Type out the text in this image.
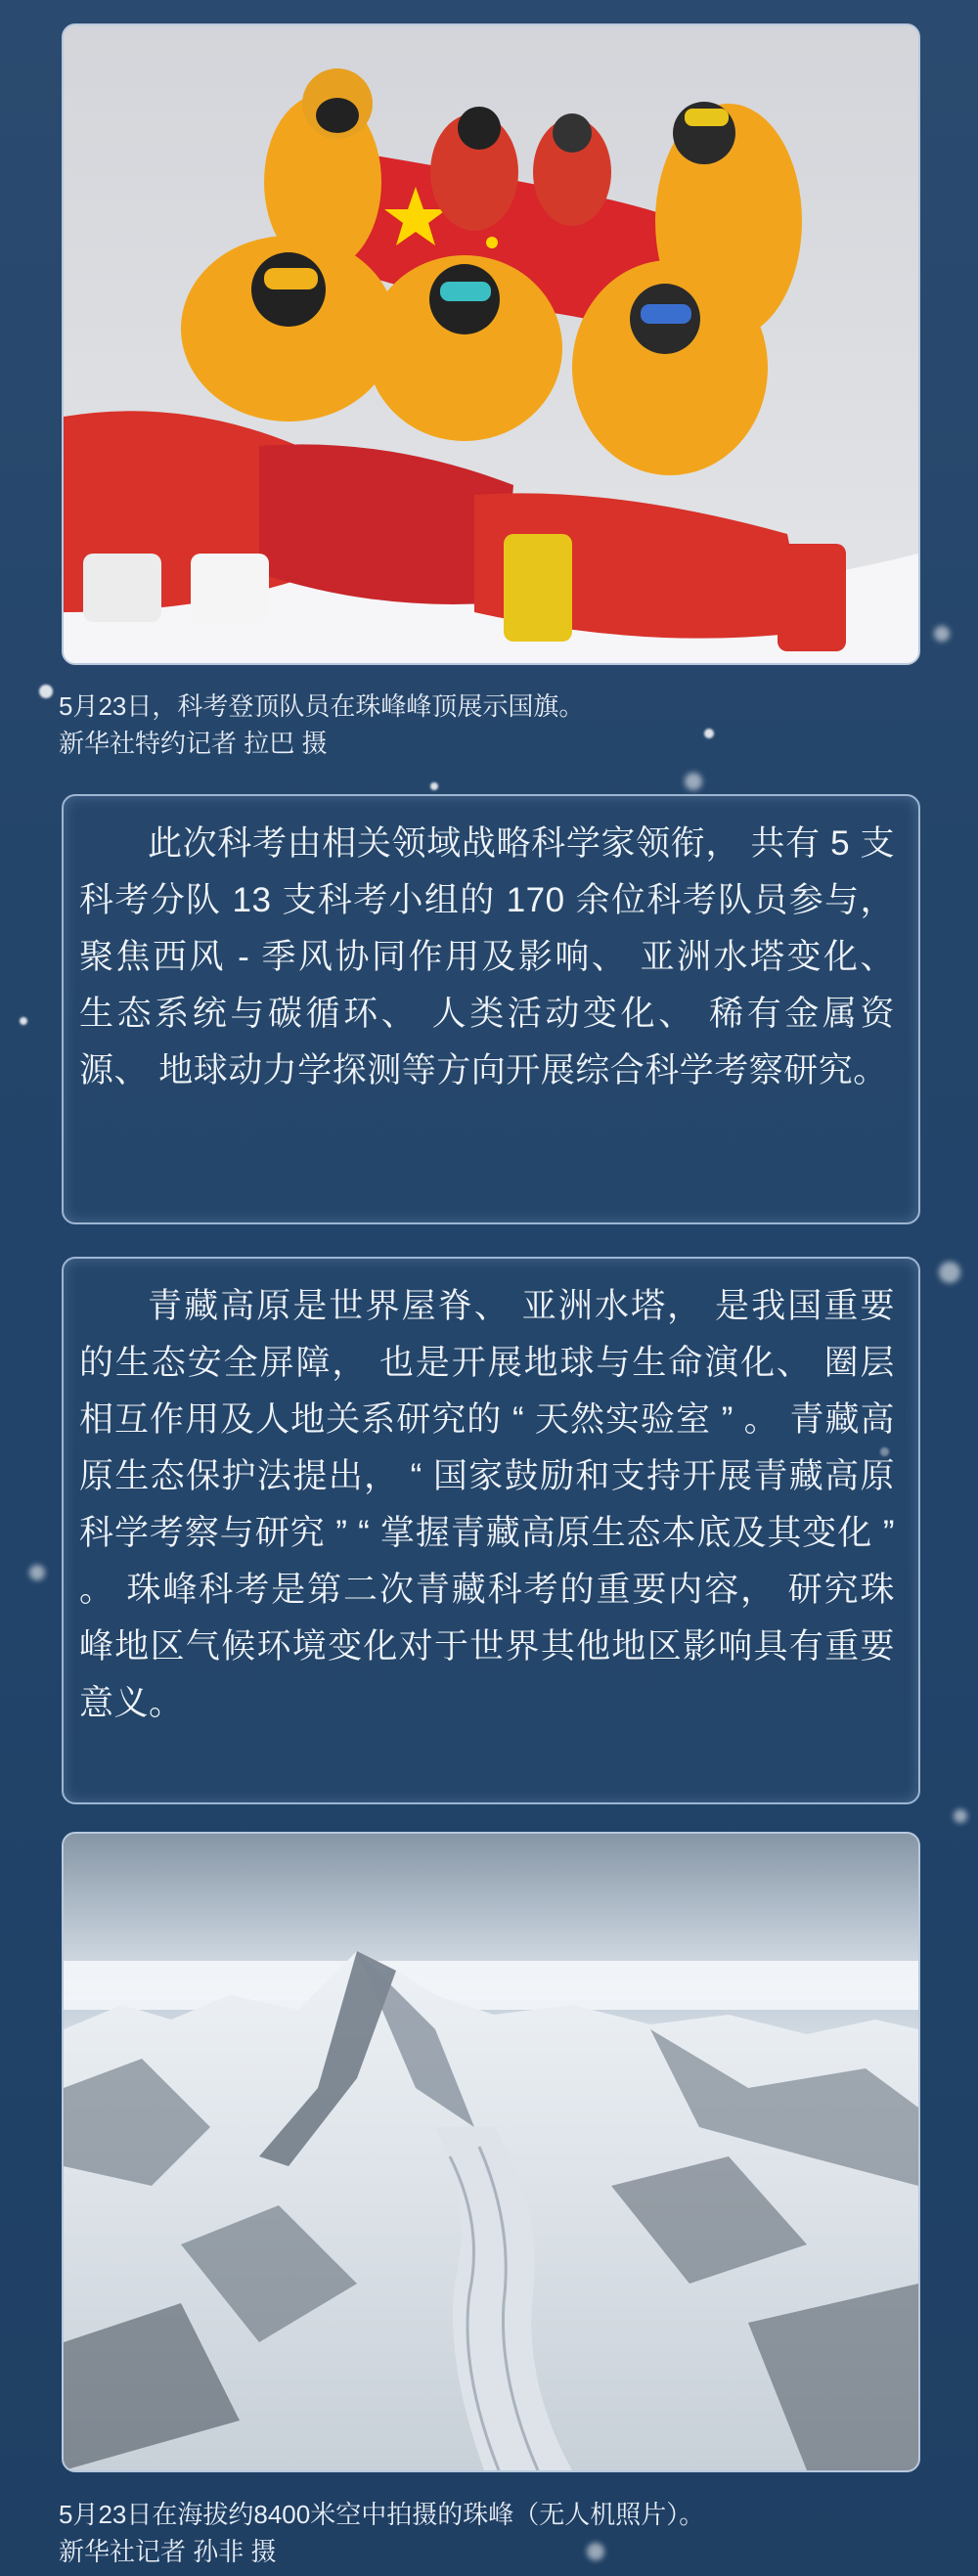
5月23日，科考登顶队员在珠峰峰顶展示国旗。
新华社特约记者 拉巴 摄

此次科考由相关领域战略科学家领衔， 共有 5 支科考分队 13 支科考小组的 170 余位科考队员参与， 聚焦西风 - 季风协同作用及影响、 亚洲水塔变化、 生态系统与碳循环、 人类活动变化、 稀有金属资源、 地球动力学探测等方向开展综合科学考察研究。

青藏高原是世界屋脊、 亚洲水塔， 是我国重要的生态安全屏障， 也是开展地球与生命演化、 圈层相互作用及人地关系研究的 “ 天然实验室 ” 。 青藏高原生态保护法提出， “ 国家鼓励和支持开展青藏高原科学考察与研究 ” “ 掌握青藏高原生态本底及其变化 ” 。 珠峰科考是第二次青藏科考的重要内容， 研究珠峰地区气候环境变化对于世界其他地区影响具有重要意义。

5月23日在海拔约8400米空中拍摄的珠峰（无人机照片）。
新华社记者 孙非 摄
